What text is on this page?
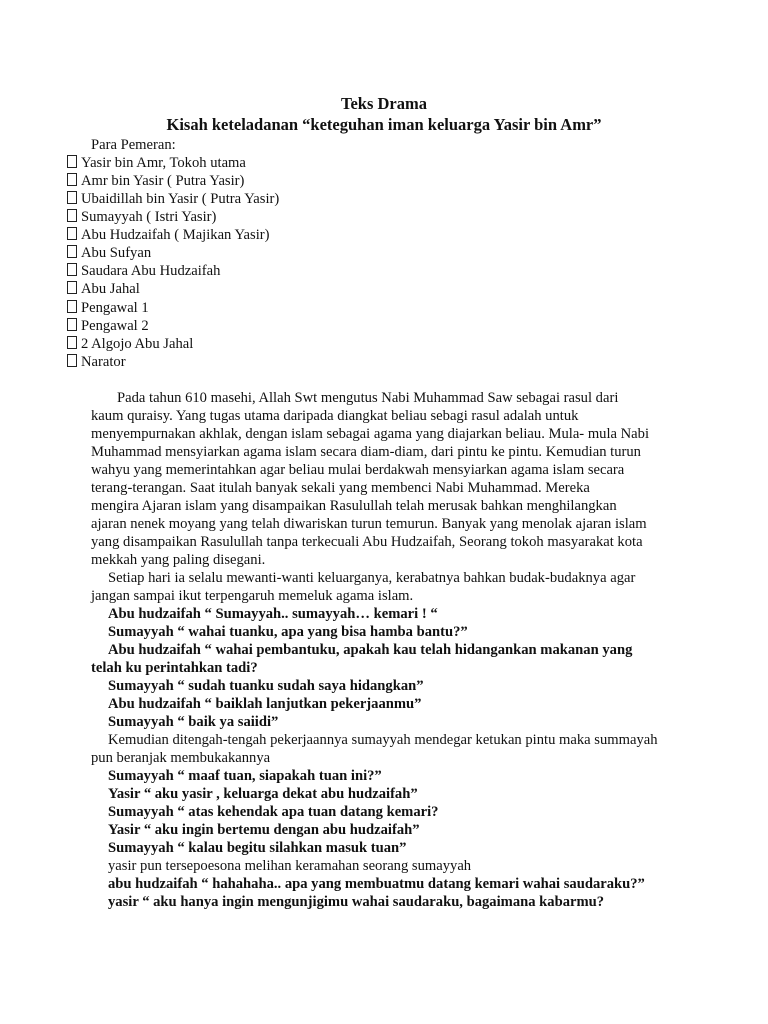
Teks Drama
Kisah keteladanan “keteguhan iman keluarga Yasir bin Amr”
Para Pemeran:
Yasir bin Amr, Tokoh utama
Amr bin Yasir ( Putra Yasir)
Ubaidillah bin Yasir ( Putra Yasir)
Sumayyah ( Istri Yasir)
Abu Hudzaifah ( Majikan Yasir)
Abu Sufyan
Saudara Abu Hudzaifah
Abu Jahal
Pengawal 1
Pengawal 2
2 Algojo Abu Jahal
Narator
Pada tahun 610 masehi, Allah Swt mengutus Nabi Muhammad Saw sebagai rasul dari
kaum quraisy. Yang tugas utama daripada diangkat beliau sebagi rasul adalah untuk
menyempurnakan akhlak, dengan islam sebagai agama yang diajarkan beliau. Mula- mula Nabi
Muhammad mensyiarkan agama islam secara diam-diam, dari pintu ke pintu. Kemudian turun
wahyu yang memerintahkan agar beliau mulai berdakwah mensyiarkan agama islam secara
terang-terangan. Saat itulah banyak sekali yang membenci Nabi Muhammad. Mereka
mengira Ajaran islam yang disampaikan Rasulullah telah merusak bahkan menghilangkan
ajaran nenek moyang yang telah diwariskan turun temurun. Banyak yang menolak ajaran islam
yang disampaikan Rasulullah tanpa terkecuali Abu Hudzaifah, Seorang tokoh masyarakat kota
mekkah yang paling disegani.
Setiap hari ia selalu mewanti-wanti keluarganya, kerabatnya bahkan budak-budaknya agar
jangan sampai ikut terpengaruh memeluk agama islam.
Abu hudzaifah “ Sumayyah.. sumayyah… kemari ! “
Sumayyah “ wahai tuanku, apa yang bisa hamba bantu?”
Abu hudzaifah “ wahai pembantuku, apakah kau telah hidangankan makanan yang
telah ku perintahkan tadi?
Sumayyah “ sudah tuanku sudah saya hidangkan”
Abu hudzaifah “ baiklah lanjutkan pekerjaanmu”
Sumayyah “ baik ya saiidi”
Kemudian ditengah-tengah pekerjaannya sumayyah mendegar ketukan pintu maka summayah
pun beranjak membukakannya
Sumayyah “ maaf tuan, siapakah tuan ini?”
Yasir “ aku yasir , keluarga dekat abu hudzaifah”
Sumayyah “ atas kehendak apa tuan datang kemari?
Yasir “ aku ingin bertemu dengan abu hudzaifah”
Sumayyah “ kalau begitu silahkan masuk tuan”
yasir pun tersepoesona melihan keramahan seorang sumayyah
abu hudzaifah “ hahahaha.. apa yang membuatmu datang kemari wahai saudaraku?”
yasir “ aku hanya ingin mengunjigimu wahai saudaraku, bagaimana kabarmu?
